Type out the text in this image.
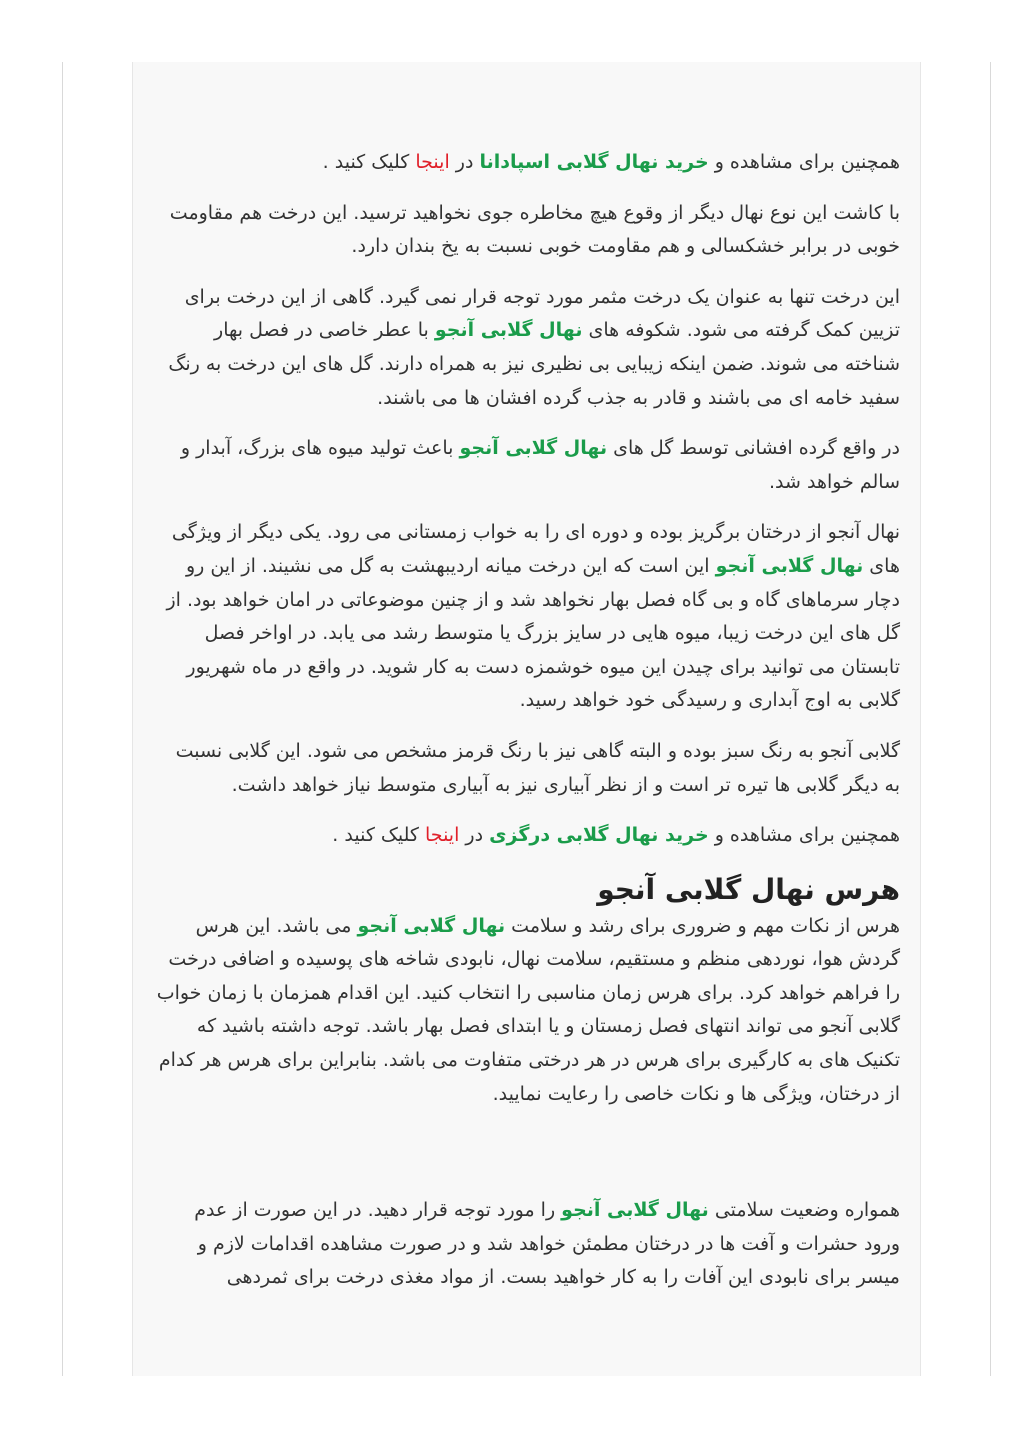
همچنین برای مشاهده و خرید نهال گلابی اسپادانا در اینجا کلیک کنید .

با کاشت این نوع نهال دیگر از وقوع هیچ مخاطره جوی نخواهید ترسید. این درخت هم مقاومت خوبی در برابر خشکسالی و هم مقاومت خوبی نسبت به یخ بندان دارد.

این درخت تنها به عنوان یک درخت مثمر مورد توجه قرار نمی گیرد. گاهی از این درخت برای تزیین کمک گرفته می شود. شکوفه های نهال گلابی آنجو با عطر خاصی در فصل بهار شناخته می شوند. ضمن اینکه زیبایی بی نظیری نیز به همراه دارند. گل های این درخت به رنگ سفید خامه ای می باشند و قادر به جذب گرده افشان ها می باشند.

در واقع گرده افشانی توسط گل های نهال گلابی آنجو باعث تولید میوه های بزرگ، آبدار و سالم خواهد شد.

نهال آنجو از درختان برگریز بوده و دوره ای را به خواب زمستانی می رود. یکی دیگر از ویژگی های نهال گلابی آنجو این است که این درخت میانه اردیبهشت به گل می نشیند. از این رو دچار سرماهای گاه و بی گاه فصل بهار نخواهد شد و از چنین موضوعاتی در امان خواهد بود. از گل های این درخت زیبا، میوه هایی در سایز بزرگ یا متوسط رشد می یابد. در اواخر فصل تابستان می توانید برای چیدن این میوه خوشمزه دست به کار شوید. در واقع در ماه شهریور گلابی به اوج آبداری و رسیدگی خود خواهد رسید.

گلابی آنجو به رنگ سبز بوده و البته گاهی نیز با رنگ قرمز مشخص می شود. این گلابی نسبت به دیگر گلابی ها تیره تر است و از نظر آبیاری نیز به آبیاری متوسط نیاز خواهد داشت.

همچنین برای مشاهده و خرید نهال گلابی درگزی در اینجا کلیک کنید .

هرس نهال گلابی آنجو

هرس از نکات مهم و ضروری برای رشد و سلامت نهال گلابی آنجو می باشد. این هرس گردش هوا، نوردهی منظم و مستقیم، سلامت نهال، نابودی شاخه های پوسیده و اضافی درخت را فراهم خواهد کرد. برای هرس زمان مناسبی را انتخاب کنید. این اقدام همزمان با زمان خواب گلابی آنجو می تواند انتهای فصل زمستان و یا ابتدای فصل بهار باشد. توجه داشته باشید که تکنیک های به کارگیری برای هرس در هر درختی متفاوت می باشد. بنابراین برای هرس هر کدام از درختان، ویژگی ها و نکات خاصی را رعایت نمایید.

همواره وضعیت سلامتی نهال گلابی آنجو را مورد توجه قرار دهید. در این صورت از عدم ورود حشرات و آفت ها در درختان مطمئن خواهد شد و در صورت مشاهده اقدامات لازم و میسر برای نابودی این آفات را به کار خواهید بست. از مواد مغذی درخت برای ثمردهی
